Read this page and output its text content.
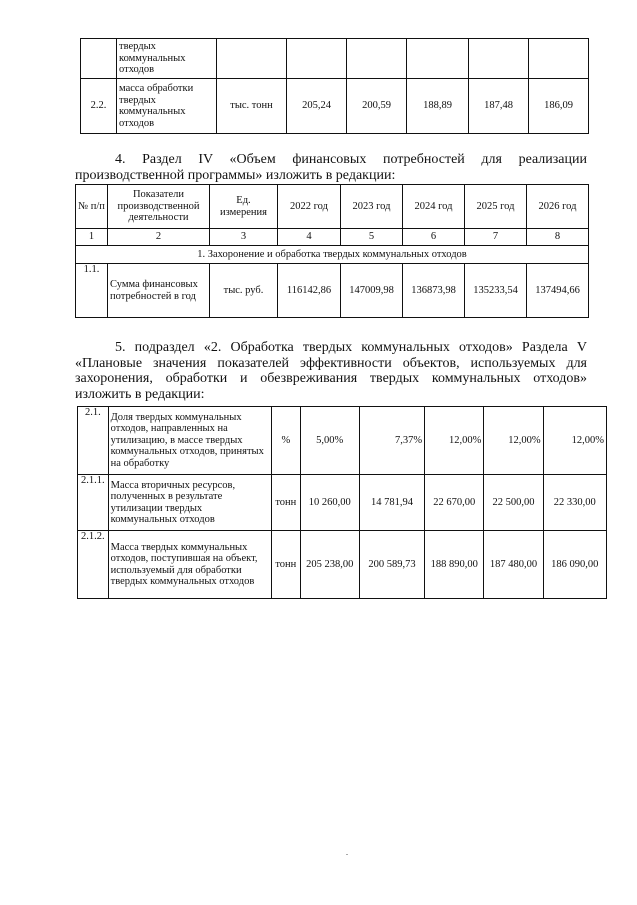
	твердых коммунальных отходов						
2.2.	масса обработки твердых коммунальных отходов	тыс. тонн	205,24	200,59	188,89	187,48	186,09

4. Раздел IV «Объем финансовых потребностей для реализации производственной программы» изложить в редакции:

№ п/п	Показатели производственной деятельности	Ед. измерения	2022 год	2023 год	2024 год	2025 год	2026 год
1	2	3	4	5	6	7	8
1. Захоронение и обработка твердых коммунальных отходов							
1.1.	Сумма финансовых потребностей в год	тыс. руб.	116142,86	147009,98	136873,98	135233,54	137494,66

5. подраздел «2. Обработка твердых коммунальных отходов» Раздела V «Плановые значения показателей эффективности объектов, используемых для захоронения, обработки и обезвреживания твердых коммунальных отходов» изложить в редакции:

2.1.	Доля твердых коммунальных отходов, направленных на утилизацию, в массе твердых коммунальных отходов, принятых на обработку	%	5,00%	7,37%	12,00%	12,00%	12,00%
2.1.1.	Масса вторичных ресурсов, полученных в результате утилизации твердых коммунальных отходов	тонн	10 260,00	14 781,94	22 670,00	22 500,00	22 330,00
2.1.2.	Масса твердых коммунальных отходов, поступившая на объект, используемый для обработки твердых коммунальных отходов	тонн	205 238,00	200 589,73	188 890,00	187 480,00	186 090,00
.
